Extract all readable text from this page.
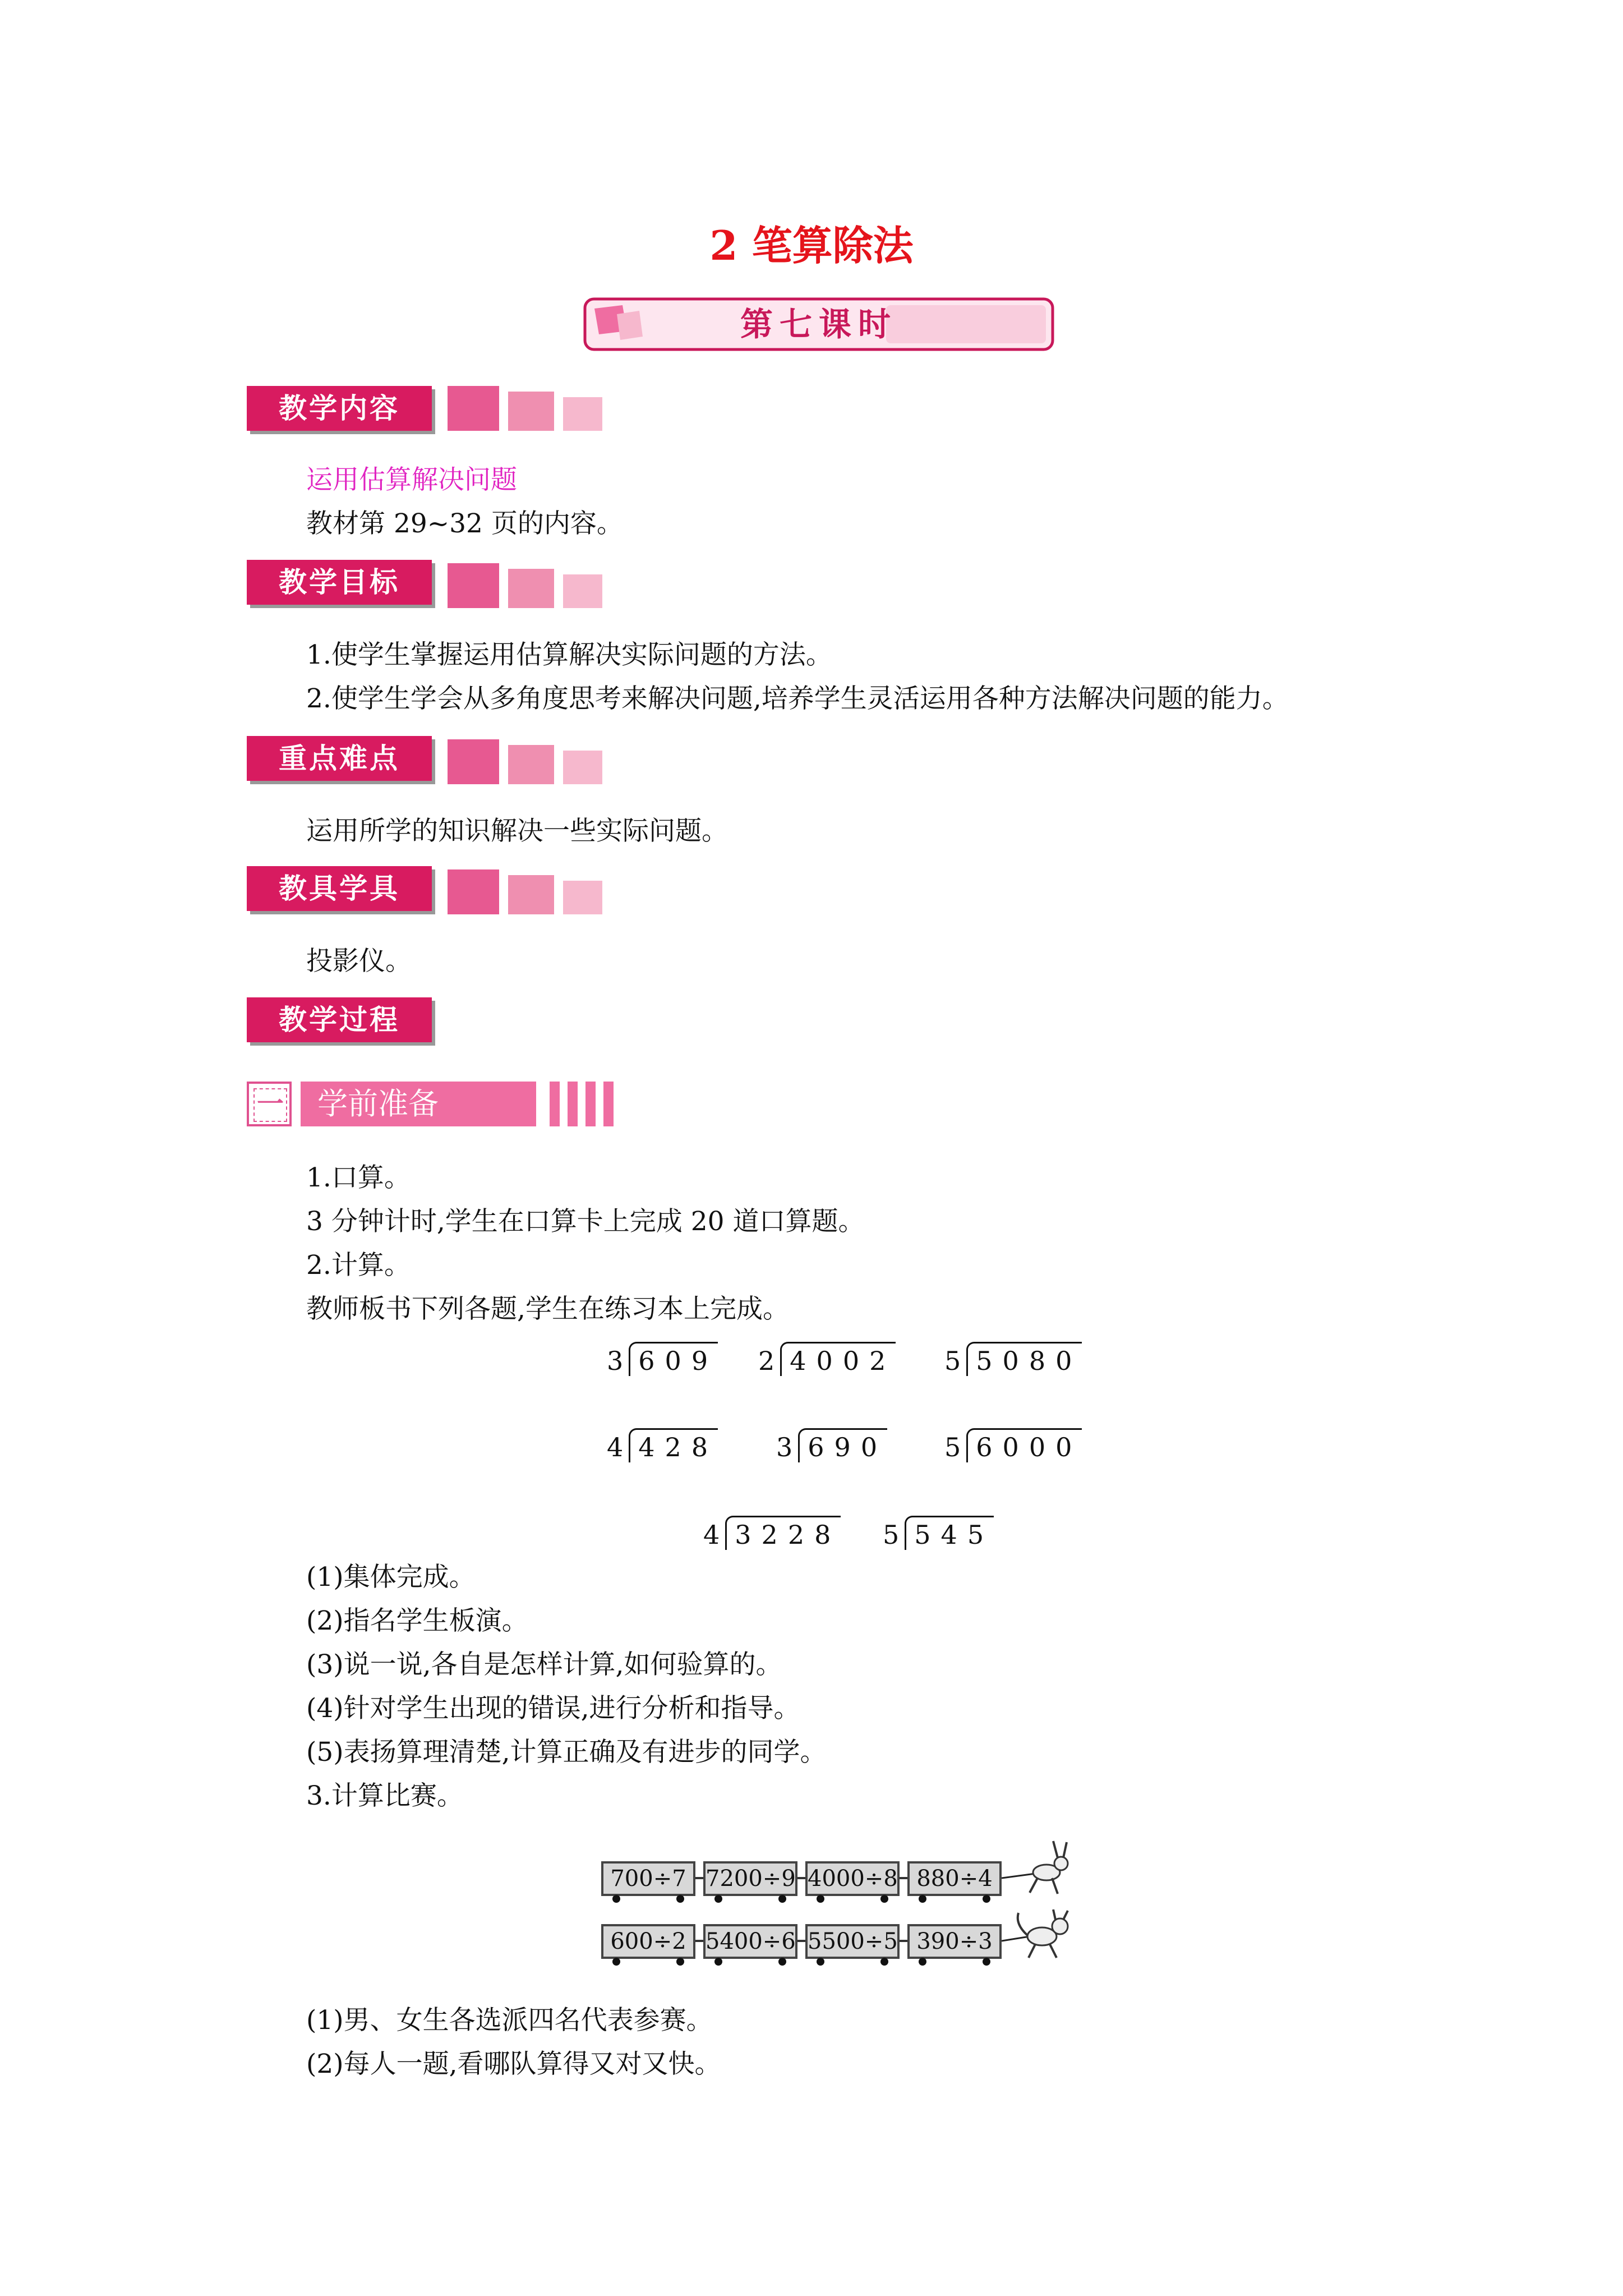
2 笔算除法
第七课时
教学内容
运用估算解决问题
教材第 29~32 页的内容。
教学目标
1.使学生掌握运用估算解决实际问题的方法。
2.使学生学会从多角度思考来解决问题,培养学生灵活运用各种方法解决问题的能力。
重点难点
运用所学的知识解决一些实际问题。
教具学具
投影仪。
教学过程
一	学前准备
1.口算。
3 分钟计时,学生在口算卡上完成 20 道口算题。
2.计算。
教师板书下列各题,学生在练习本上完成。
3 609 2 4002 5 5080
4 428 3 690 5 6000
4 3228 5 545
(1)集体完成。
(2)指名学生板演。
(3)说一说,各自是怎样计算,如何验算的。
(4)针对学生出现的错误,进行分析和指导。
(5)表扬算理清楚,计算正确及有进步的同学。
3.计算比赛。
700÷7 7200÷9 4000÷8 880÷4
600÷2 5400÷6 5500÷5 390÷3
(1)男、女生各选派四名代表参赛。
(2)每人一题,看哪队算得又对又快。
